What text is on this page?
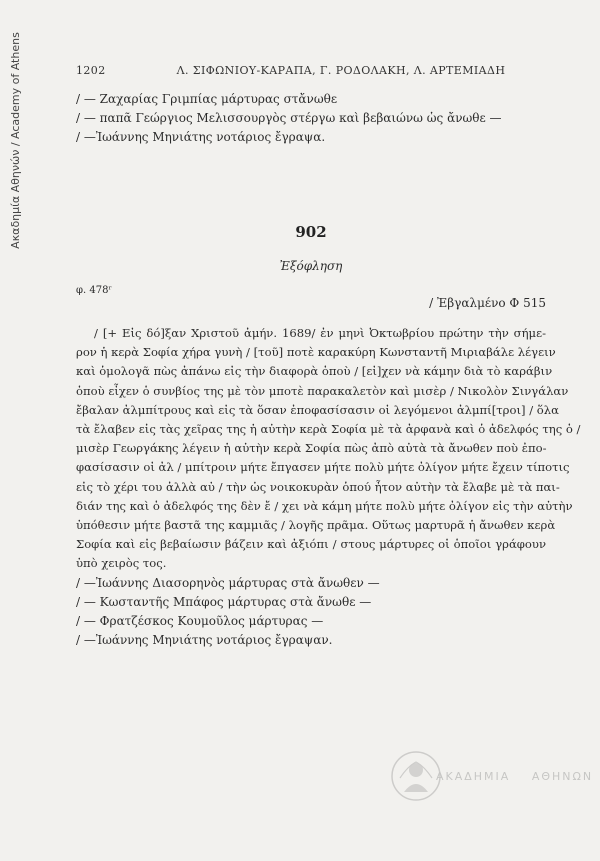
Ακαδημία Αθηνών / Academy of Athens	1202	Λ. ΣΙΦΩΝΙΟΥ-ΚΑΡΑΠΑ, Γ. ΡΟΔΟΛΑΚΗ, Λ. ΑΡΤΕΜΙΑΔΗ
/ — Ζαχαρίας Γριμπίας μάρτυρας στἄνωθε
/ — παπᾶ Γεώργιος Μελισσουργὸς στέργω καὶ βεβαιώνω ὡς ἄνωθε —
/ —Ἰωάννης Μηνιάτης νοτάριος ἔγραψα.
902
Ἐξόφληση
φ. 478ʳ
/ Ἐβγαλμένο Φ 515
/ [+ Εἰς δό]ξαν Χριστοῦ ἀμήν. 1689/ ἐν μηνὶ Ὀκτωβρίου πρώτην τὴν σήμε-
ρον ἡ κερὰ Σοφία χήρα γυνὴ / [τοῦ] ποτὲ καρακύρη Κωνσταντῆ Μιριαβάλε λέγειν
καὶ ὁμολογᾶ πὼς ἀπάνω εἰς τὴν διαφορὰ ὁποὺ / [εἰ]χεν νὰ κάμην διὰ τὸ καράβιν
ὁποὺ εἶχεν ὁ συνβίος της μὲ τὸν μποτὲ παρακαλετὸν καὶ μισὲρ / Νικολὸν Σινγάλαν
ἔβαλαν ἀλμπίτρους καὶ εἰς τὰ ὅσαν ἐποφασίσασιν οἱ λεγόμενοι ἀλμπί[τροι] / ὅλα
τὰ ἔλαβεν εἰς τὰς χεῖρας της ἡ αὐτὴν κερὰ Σοφία μὲ τὰ ἀρφανὰ καὶ ὁ ἀδελφός της ὁ /
μισὲρ Γεωργάκης λέγειν ἡ αὐτὴν κερὰ Σοφία πὼς ἀπὸ αὐτὰ τὰ ἄνωθεν ποὺ ἐπο-
φασίσασιν οἱ ἀλ / μπίτροιν μήτε ἔπγασεν μήτε πολὺ μήτε ὀλίγον μήτε ἔχειν τίποτις
εἰς τὸ χέρι του ἀλλὰ αὐ / τὴν ὡς νοικοκυρὰν ὁπού ἦτον αὐτὴν τὰ ἔλαβε μὲ τὰ παι-
διάν της καὶ ὁ ἀδελφός της δὲν ἔ / χει νὰ κάμη μήτε πολὺ μήτε ὀλίγον εἰς τὴν αὐτὴν
ὑπόθεσιν μήτε βαστᾶ της καμμιᾶς / λογῆς πρᾶμα. Οὕτως μαρτυρᾶ ἡ ἄνωθεν κερὰ
Σοφία καὶ εἰς βεβαίωσιν βάζειν καὶ ἀξιόπι / στους μάρτυρες οἱ ὁποῖοι γράφουν
ὑπὸ χειρὸς τος.
/ —Ἰωάννης Διασορηνὸς μάρτυρας στὰ ἄνωθεν —
/ — Κωσταντῆς Μπάφος μάρτυρας στὰ ἄνωθε —
/ — Φρατζέσκος Κουμοῦλος μάρτυρας —
/ —Ἰωάννης Μηνιάτης νοτάριος ἔγραψαν.
ΑΚΑΔΗΜΙΑ ΑΘΗΝΩΝ
